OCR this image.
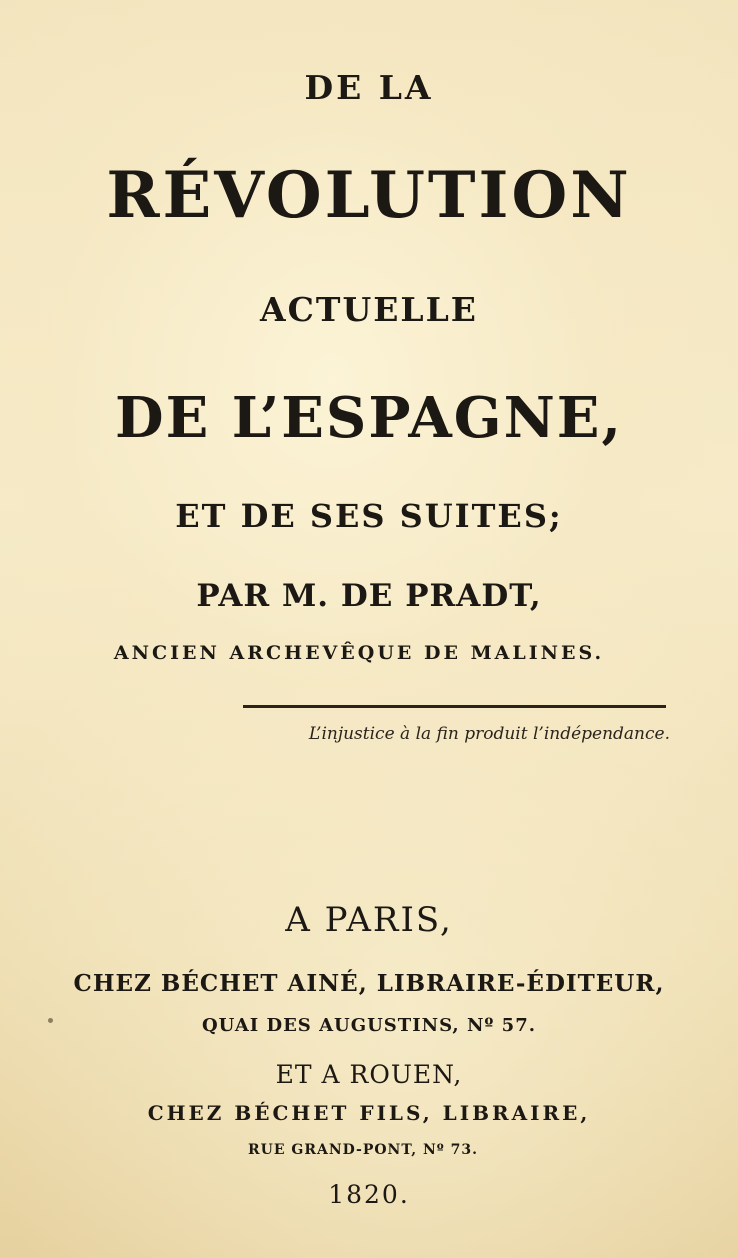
DE LA
RÉVOLUTION
ACTUELLE
DE L’ESPAGNE,
ET DE SES SUITES;
PAR M. DE PRADT,
ANCIEN ARCHEVÊQUE DE MALINES.
L’injustice à la fin produit l’indépendance.
A PARIS,
CHEZ BÉCHET AINÉ, LIBRAIRE-ÉDITEUR,
QUAI DES AUGUSTINS, Nº 57.
ET A ROUEN,
CHEZ BÉCHET FILS, LIBRAIRE,
RUE GRAND-PONT, Nº 73.
1820.
